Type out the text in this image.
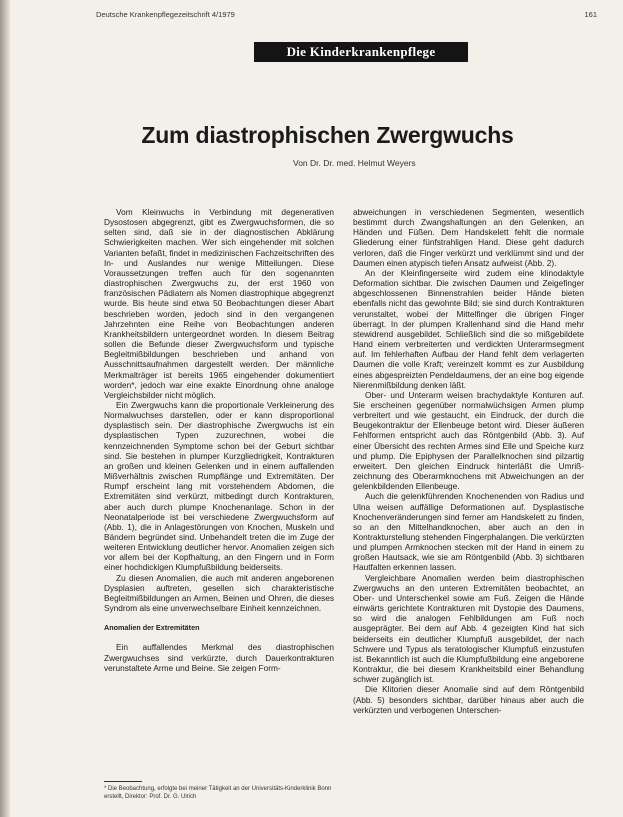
Deutsche Krankenpflegezeitschrift 4/1979	161
Die Kinderkrankenpflege
Zum diastrophischen Zwergwuchs
Von Dr. Dr. med. Helmut Weyers

Vom Kleinwuchs in Verbindung mit degenerativen Dysostosen abgegrenzt, gibt es Zwergwuchsformen, die so selten sind, daß sie in der diagnostischen Abklärung Schwierigkeiten machen. Wer sich eingehender mit solchen Varianten befaßt, findet in medizinischen Fachzeitschriften des In- und Auslandes nur wenige Mitteilungen. Diese Voraussetzungen treffen auch für den sogenannten diastrophischen Zwergwuchs zu, der erst 1960 von französischen Pädiatern als Nomen diastrophique abgegrenzt wurde. Bis heute sind etwa 50 Beobachtungen dieser Abart beschrieben worden, jedoch sind in den vergangenen Jahrzehnten eine Reihe von Beobachtungen anderen Krankheitsbildern untergeordnet worden. In diesem Beitrag sollen die Befunde dieser Zwergwuchsform und typische Begleitmißbildungen beschrieben und anhand von Ausschnittsaufnahmen dargestellt werden. Der männliche Merkmalträger ist bereits 1965 eingehender dokumentiert worden*, jedoch war eine exakte Einordnung ohne analoge Vergleichsbilder nicht möglich.

Ein Zwergwuchs kann die proportionale Verkleinerung des Normalwuchses darstellen, oder er kann disproportional dysplastisch sein. Der diastrophische Zwergwuchs ist ein dysplastischen Typen zuzurechnen, wobei die kennzeichnenden Symptome schon bei der Geburt sichtbar sind. Sie bestehen in plumper Kurzgliedrigkeit, Kontrakturen an großen und kleinen Gelenken und in einem auffallenden Mißverhältnis zwischen Rumpflänge und Extremitäten. Der Rumpf erscheint lang mit vorstehendem Abdomen, die Extremitäten sind verkürzt, mitbedingt durch Kontrakturen, aber auch durch plumpe Knochenanlage. Schon in der Neonatalperiode ist bei verschiedene Zwergwuchsform auf (Abb. 1), die in Anlagestörungen von Knochen, Muskeln und Bändern begründet sind. Unbehandelt treten die im Zuge der weiteren Entwicklung deutlicher hervor. Anomalien zeigen sich vor allem bei der Kopfhaltung, an den Fingern und in Form einer hochdickigen Klumpfußbildung beiderseits.

Zu diesen Anomalien, die auch mit anderen angeborenen Dysplasien auftreten, gesellen sich charakteristische Begleitmißbildungen an Armen, Beinen und Ohren, die dieses Syndrom als eine unverwechselbare Einheit kennzeichnen.

Anomalien der Extremitäten

Ein auffallendes Merkmal des diastrophischen Zwergwuchses sind verkürzte, durch Dauerkontrakturen verunstaltete Arme und Beine. Sie zeigen Form-

abweichungen in verschiedenen Segmenten, wesentlich bestimmt durch Zwangshaltungen an den Gelenken, an Händen und Füßen. Dem Handskelett fehlt die normale Gliederung einer fünfstrahligen Hand. Diese geht dadurch verloren, daß die Finger verkürzt und verklümmt sind und der Daumen einen atypisch tiefen Ansatz aufweist (Abb. 2).

An der Kleinfingerseite wird zudem eine klinodaktyle Deformation sichtbar. Die zwischen Daumen und Zeigefinger abgeschlossenen Binnenstrahlen beider Hände bieten ebenfalls nicht das gewohnte Bild; sie sind durch Kontrakturen verunstaltet, wobei der Mittelfinger die übrigen Finger überragt. In der plumpen Krallenhand sind die Hand mehr stewidrend ausgebildet. Schließlich sind die so mißgebildete Hand einem verbreiterten und verdickten Unterarmsegment auf. Im fehlerhaften Aufbau der Hand fehlt dem verlagerten Daumen die volle Kraft; vereinzelt kommt es zur Ausbildung eines abgespreizten Pendeldaumens, der an eine bog eigende Nierenmißbildung denken läßt.

Ober- und Unterarm weisen brachydaktyle Konturen auf. Sie erscheinen gegenüber normalwüchsigen Armen plump verbreitert und wie gestaucht, ein Eindruck, der durch die Beugekontraktur der Ellenbeuge betont wird. Dieser äußeren Fehlformen entspricht auch das Röntgenbild (Abb. 3). Auf einer Übersicht des rechten Armes sind Elle und Speiche kurz und plump. Die Epiphysen der Parallelknochen sind pilzartig erweitert. Den gleichen Eindruck hinterläßt die Umriß-zeichnung des Oberarmknochens mit Abweichungen an der gelenkbildenden Ellenbeuge.

Auch die gelenkführenden Knochenenden von Radius und Ulna weisen auffällige Deformationen auf. Dysplastische Knochenveränderungen sind ferner am Handskelett zu finden, so an den Mittelhandknochen, aber auch an den in Kontrakturstellung stehenden Fingerphalangen. Die verkürzten und plumpen Armknochen stecken mit der Hand in einem zu großen Hautsack, wie sie am Röntgenbild (Abb. 3) sichtbaren Hautfalten erkennen lassen.

Vergleichbare Anomalien werden beim diastrophischen Zwergwuchs an den unteren Extremitäten beobachtet, an Ober- und Unterschenkel sowie am Fuß. Zeigen die Hände einwärts gerichtete Kontrakturen mit Dystopie des Daumens, so wird die analogen Fehlbildungen am Fuß noch ausgeprägter. Bei dem auf Abb. 4 gezeigten Kind hat sich beiderseits ein deutlicher Klumpfuß ausgebildet, der nach Schwere und Typus als teratologischer Klumpfuß einzustufen ist. Bekanntlich ist auch die Klumpfußbildung eine angeborene Kontraktur, die bei diesem Krankheitsbild einer Behandlung schwer zugänglich ist.

Die Klitorien dieser Anomalie sind auf dem Röntgenbild (Abb. 5) besonders sichtbar, darüber hinaus aber auch die verkürzten und verbogenen Unterschen-

* Die Beobachtung, erfolgte bei meiner Tätigkeit an der Universitäts-Kinderklinik Bonn erstellt, Direktor: Prof. Dr. G. Ulrich
